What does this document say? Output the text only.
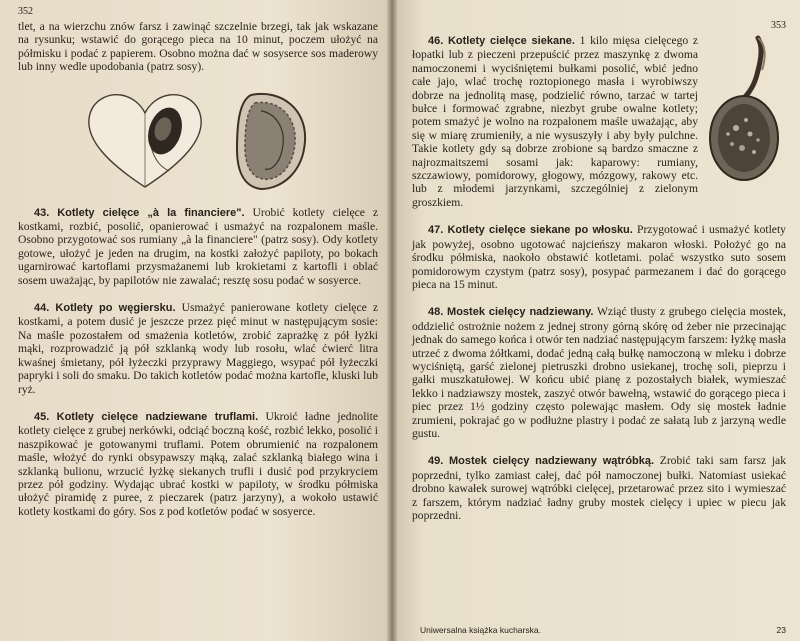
352

tlet, a na wierzchu znów farsz i zawinąć szczelnie brzegi, tak jak wskazane na rysunku; wstawić do gorącego pieca na 10 minut, poczem ułożyć na półmisku i podać z papierem. Osobno można dać w sosyserce sos maderowy lub inny wedle upodobania (patrz sosy).

43. Kotlety cielęce „à la financiere". Urobić kotlety cielęce z kostkami, rozbić, posolić, opanierować i usmażyć na rozpalonem maśle. Osobno przygotować sos rumiany „à la financiere" (patrz sosy). Ody kotlety gotowe, ułożyć je jeden na drugim, na kostki założyć papiloty, po bokach ugarnirować kartoflami przysmażanemi lub krokietami z kartofli i oblać sosem uważając, by papilotów nie zawalać; resztę sosu podać w sosyerce.

44. Kotlety po węgiersku. Usmażyć panierowane kotlety cielęce z kostkami, a potem dusić je jeszcze przez pięć minut w następującym sosie: Na maśle pozostałem od smażenia kotletów, zrobić zaprażkę z pół łyżki mąki, rozprowadzić ją pół szklanką wody lub rosołu, wlać ćwierć litra kwaśnej śmietany, pół łyżeczki przyprawy Maggiego, wsypać pół łyżeczki papryki i soli do smaku. Do takich kotletów podać można kartofle, kluski lub ryż.

45. Kotlety cielęce nadziewane truflami. Ukroić ładne jednolite kotlety cielęce z grubej nerkówki, odciąć boczną kość, rozbić lekko, posolić i naszpikować je gotowanymi truflami. Potem obrumienić na rozpalonem maśle, włożyć do rynki obsypawszy mąką, zalać szklanką białego wina i szklanką bulionu, wrzucić łyżkę siekanych trufli i dusić pod przykryciem przez pół godziny. Wydając ubrać kostki w papiloty, w środku półmiska ułożyć piramidę z puree, z pieczarek (patrz jarzyny), a wokoło ustawić kotlety kostkami do góry. Sos z pod kotletów podać w sosyerce.

353

46. Kotlety cielęce siekane. 1 kilo mięsa cielęcego z łopatki lub z pieczeni przepuścić przez maszynkę z dwoma namoczonemi i wyciśniętemi bułkami posolić, wbić jedno całe jajo, wlać trochę roztopionego masła i wyrobiwszy dobrze na jednolitą masę, podzielić równo, tarzać w tartej bułce i formować zgrabne, niezbyt grube owalne kotlety; potem smażyć je wolno na rozpalonem maśle uważając, aby się w miarę zrumieniły, a nie wysuszyły i aby były pulchne. Takie kotlety gdy są dobrze zrobione są bardzo smaczne z najrozmaitszemi sosami jak: kaparowy: rumiany, szczawiowy, pomidorowy, głogowy, mózgowy, rakowy etc. lub z młodemi jarzynkami, szczególniej z zielonym groszkiem.

47. Kotlety cielęce siekane po włosku. Przygotować i usmażyć kotlety jak powyżej, osobno ugotować najcieńszy makaron włoski. Położyć go na środku półmiska, naokoło obstawić kotletami. polać wszystko suto sosem pomidorowym czystym (patrz sosy), posypać parmezanem i dać do gorącego pieca na 15 minut.

48. Mostek cielęcy nadziewany. Wziąć tłusty z grubego cielęcia mostek, oddzielić ostrożnie nożem z jednej strony górną skórę od żeber nie przecinając jednak do samego końca i otwór ten nadziać następującym farszem: łyżkę masła utrzeć z dwoma żółtkami, dodać jedną całą bułkę namoczoną w mleku i dobrze wyciśniętą, garść zielonej pietruszki drobno usiekanej, trochę soli, pieprzu i gałki muszkatułowej. W końcu ubić pianę z pozostałych białek, wymieszać lekko i nadziawszy mostek, zaszyć otwór bawełną, wstawić do gorącego pieca i piec przez 1½ godziny często polewając masłem. Ody się mostek ładnie zrumieni, pokrajać go w podłużne plastry i podać ze sałatą lub z jarzyną wedle gustu.

49. Mostek cielęcy nadziewany wątróbką. Zrobić taki sam farsz jak poprzedni, tylko zamiast całej, dać pół namoczonej bułki. Natomiast usiekać drobno kawałek surowej wątróbki cielęcej, przetarować przez sito i wymieszać z farszem, którym nadziać ładny gruby mostek cielęcy i upiec w piecu jak poprzedni.

Uniwersalna książka kucharska.	23
